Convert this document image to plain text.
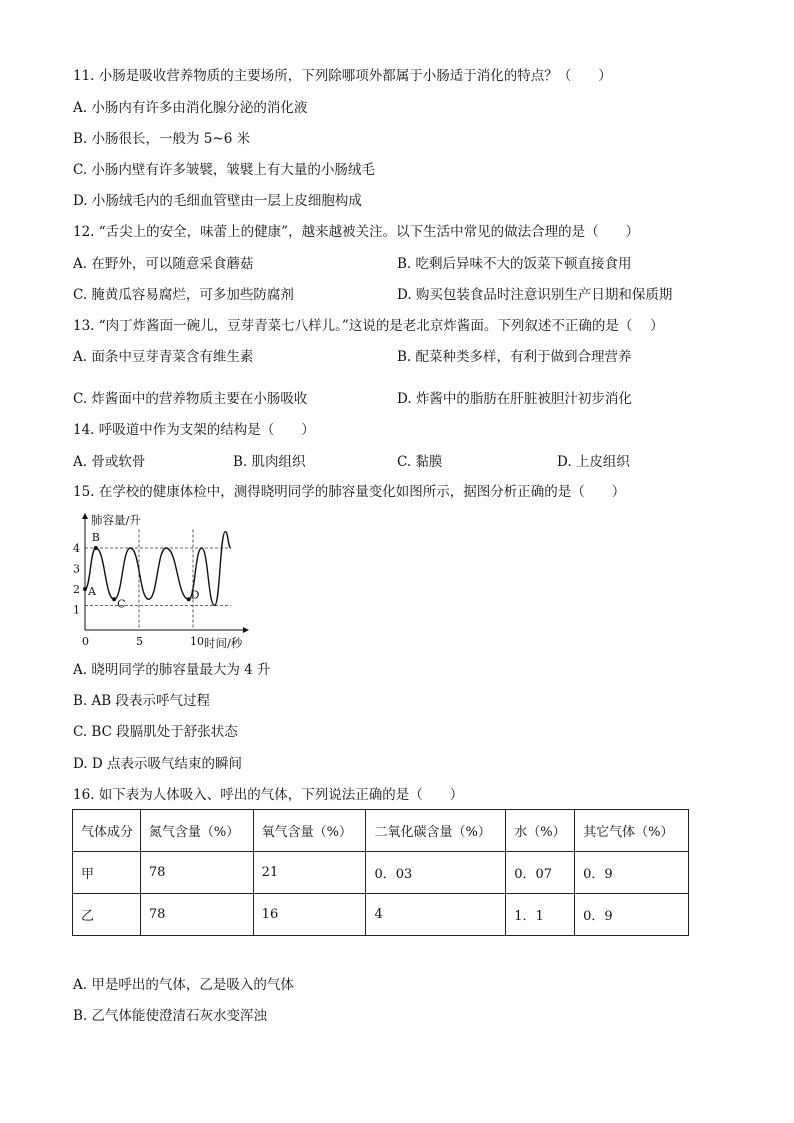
11. 小肠是吸收营养物质的主要场所，下列除哪项外都属于小肠适于消化的特点？（　　）
A. 小肠内有许多由消化腺分泌的消化液
B. 小肠很长，一般为 5~6 米
C. 小肠内壁有许多皱襞，皱襞上有大量的小肠绒毛
D. 小肠绒毛内的毛细血管壁由一层上皮细胞构成
12. “舌尖上的安全，味蕾上的健康”，越来越被关注。以下生活中常见的做法合理的是（　　）
A. 在野外，可以随意采食蘑菇	B. 吃剩后异味不大的饭菜下顿直接食用
C. 腌黄瓜容易腐烂，可多加些防腐剂	D. 购买包装食品时注意识别生产日期和保质期
13. “肉丁炸酱面一碗儿，豆芽青菜七八样儿。”这说的是老北京炸酱面。下列叙述不正确的是（　 ）
A. 面条中豆芽青菜含有维生素	B. 配菜种类多样，有利于做到合理营养
C. 炸酱面中的营养物质主要在小肠吸收	D. 炸酱中的脂肪在肝脏被胆汁初步消化
14. 呼吸道中作为支架的结构是（　　）
A. 骨或软骨	B. 肌肉组织	C. 黏膜	D. 上皮组织
15. 在学校的健康体检中，测得晓明同学的肺容量变化如图所示，据图分析正确的是（　　）
1
2
3
4
0	5	10
A
B
C
D
肺容量/升
时间/秒
A. 晓明同学的肺容量最大为 4 升
B. AB 段表示呼气过程
C. BC 段膈肌处于舒张状态
D. D 点表示吸气结束的瞬间
16. 如下表为人体吸入、呼出的气体，下列说法正确的是（　　）
气体成分	氮气含量（%）	氧气含量（%）	二氧化碳含量（%）	水（%）	其它气体（%）
甲	78	21	0．03	0．07	0．9
乙	78	16	4	1．1	0．9
A. 甲是呼出的气体，乙是吸入的气体
B. 乙气体能使澄清石灰水变浑浊
